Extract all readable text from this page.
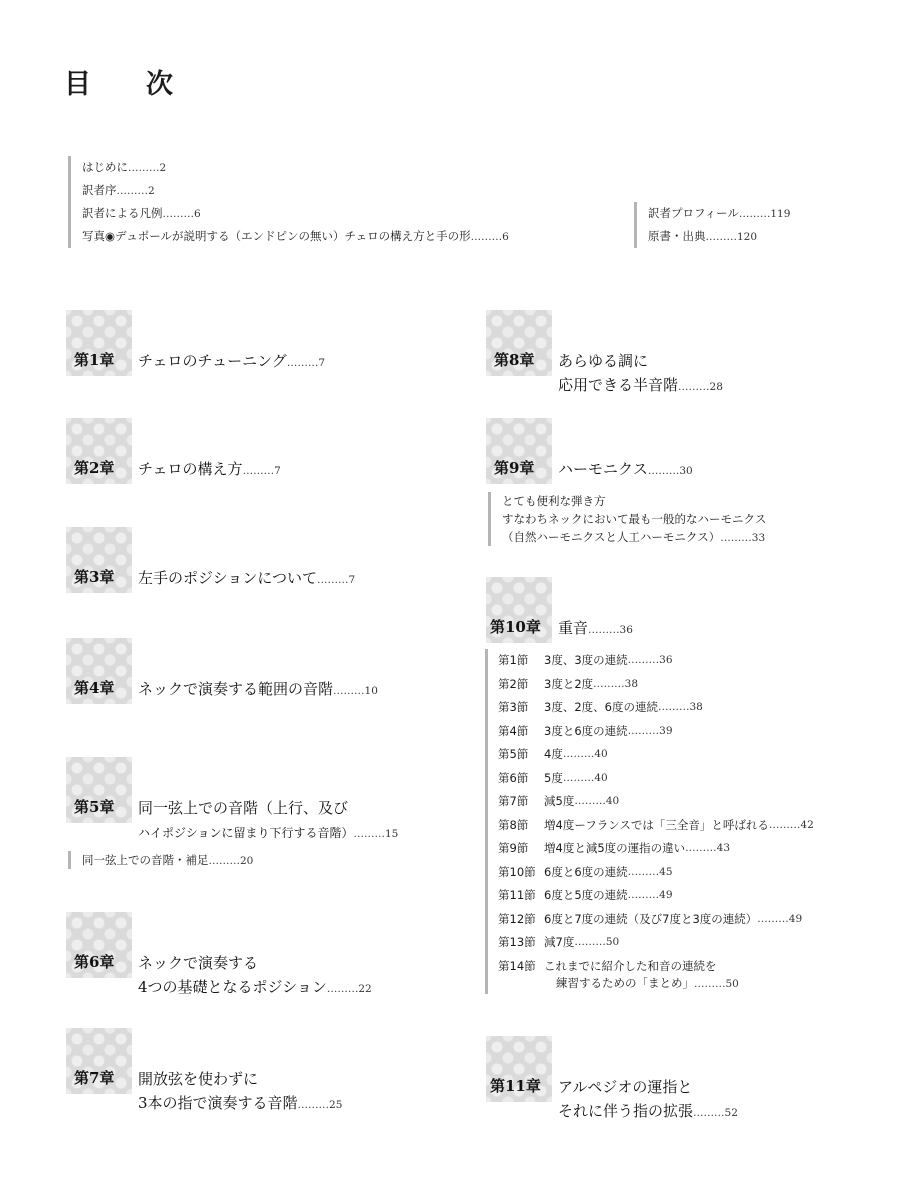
目　次
はじめに………2
訳者序………2
訳者による凡例………6
写真◉デュポールが説明する（エンドピンの無い）チェロの構え方と手の形………6
訳者プロフィール………119
原書・出典………120
第1章 チェロのチューニング………7
第2章 チェロの構え方………7
第3章 左手のポジションについて………7
第4章 ネックで演奏する範囲の音階………10
第5章 同一弦上での音階（上行、及び
ハイポジションに留まり下行する音階）………15
同一弦上での音階・補足………20
第6章 ネックで演奏する
4つの基礎となるポジション………22
第7章 開放弦を使わずに
3本の指で演奏する音階………25
第8章 あらゆる調に
応用できる半音階………28
第9章 ハーモニクス………30
とても便利な弾き方
すなわちネックにおいて最も一般的なハーモニクス
（自然ハーモニクスと人工ハーモニクス）………33
第10章 重音………36
第1節	3度、3度の連続 ……… 36
第2節	3度と2度 ……… 38
第3節	3度、2度、6度の連続 ……… 38
第4節	3度と6度の連続 ……… 39
第5節	4度 ……… 40
第6節	5度 ……… 40
第7節	減5度 ……… 40
第8節	増4度ーフランスでは「三全音」と呼ばれる ……… 42
第9節	増4度と減5度の運指の違い ……… 43
第10節 6度と6度の連続 ……… 45
第11節 6度と5度の連続 ……… 49
第12節 6度と7度の連続（及び7度と3度の連続） ……… 49
第13節 減7度 ……… 50
第14節 これまでに紹介した和音の連続を
練習するための「まとめ」………50
第11章 アルペジオの運指と
それに伴う指の拡張………52
